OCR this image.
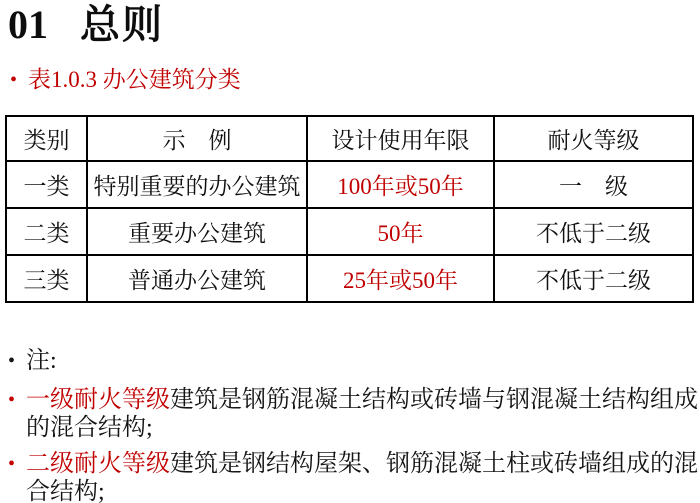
01 总则
• 表1.0.3 办公建筑分类
类别	示　例	设计使用年限	耐火等级
一类	特别重要的办公建筑	100年或50年	一　级
二类	重要办公建筑	50年	不低于二级
三类	普通办公建筑	25年或50年	不低于二级
• 注:

• 一级耐火等级建筑是钢筋混凝土结构或砖墙与钢混凝土结构组成的混合结构;

• 二级耐火等级建筑是钢结构屋架、钢筋混凝土柱或砖墙组成的混合结构;
